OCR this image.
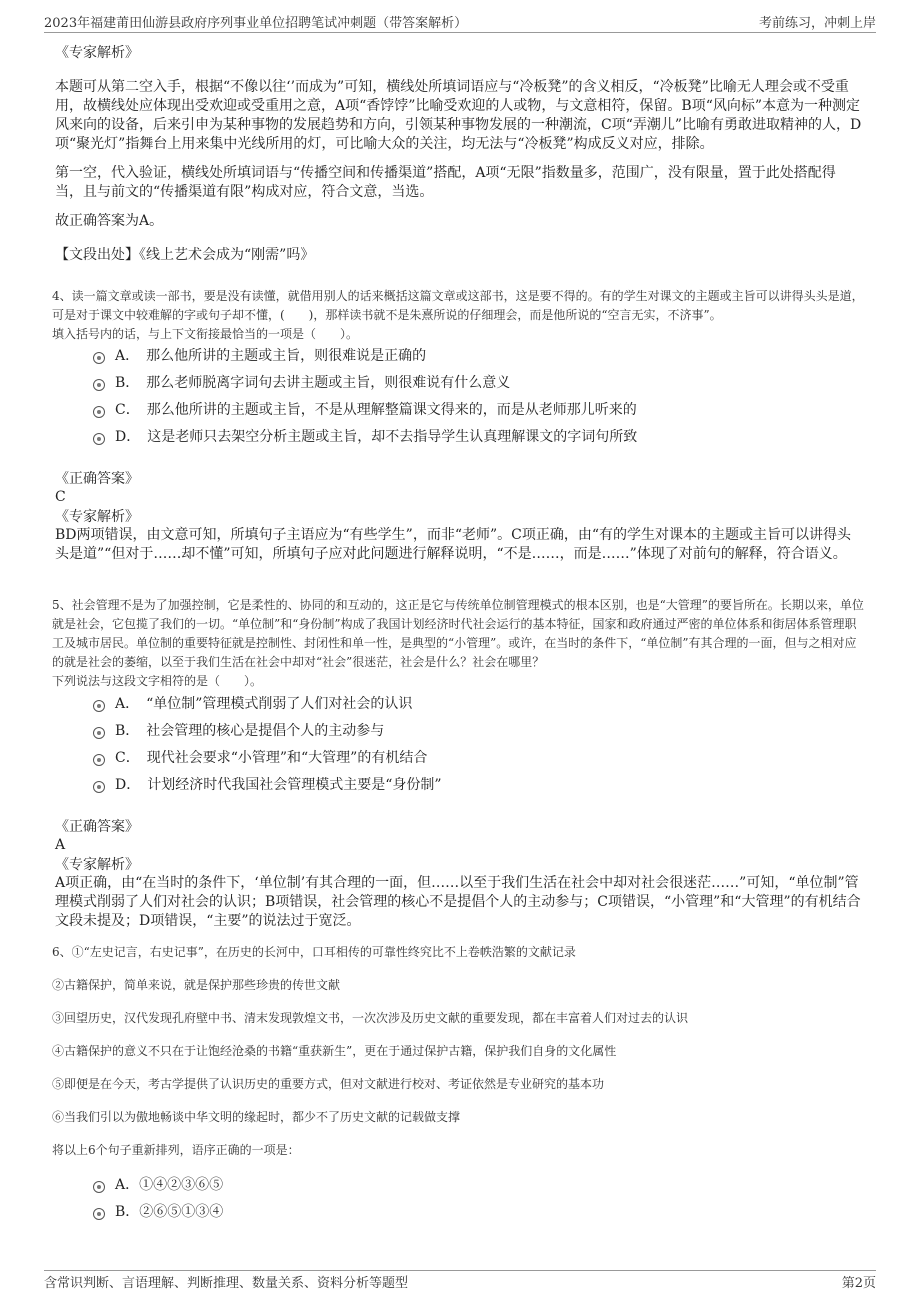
2023年福建莆田仙游县政府序列事业单位招聘笔试冲刺题（带答案解析）	考前练习，冲刺上岸

《专家解析》

本题可从第二空入手，根据“不像以往‘’而成为”可知，横线处所填词语应与“冷板凳”的含义相反，“冷板凳”比喻无人理会或不受重用，故横线处应体现出受欢迎或受重用之意，A项“香饽饽”比喻受欢迎的人或物，与文意相符，保留。B项“风向标”本意为一种测定风来向的设备，后来引申为某种事物的发展趋势和方向，引领某种事物发展的一种潮流，C项“弄潮儿”比喻有勇敢进取精神的人，D项“聚光灯”指舞台上用来集中光线所用的灯，可比喻大众的关注，均无法与“冷板凳”构成反义对应，排除。

第一空，代入验证，横线处所填词语与“传播空间和传播渠道”搭配，A项“无限”指数量多，范围广，没有限量，置于此处搭配得当，且与前文的“传播渠道有限”构成对应，符合文意，当选。

故正确答案为A。

【文段出处】《线上艺术会成为“刚需”吗》

4、读一篇文章或读一部书，要是没有读懂，就借用别人的话来概括这篇文章或这部书，这是要不得的。有的学生对课文的主题或主旨可以讲得头头是道，可是对于课文中较难解的字或句子却不懂，(　　)，那样读书就不是朱熹所说的仔细理会，而是他所说的“空言无实，不济事”。

填入括号内的话，与上下文衔接最恰当的一项是（　　）。

A．　那么他所讲的主题或主旨，则很难说是正确的
B．　那么老师脱离字词句去讲主题或主旨，则很难说有什么意义
C．　那么他所讲的主题或主旨，不是从理解整篇课文得来的，而是从老师那儿听来的
D．　这是老师只去架空分析主题或主旨，却不去指导学生认真理解课文的字词句所致

《正确答案》

C

《专家解析》

BD两项错误，由文意可知，所填句子主语应为“有些学生”，而非“老师”。C项正确，由“有的学生对课本的主题或主旨可以讲得头头是道”“但对于……却不懂”可知，所填句子应对此问题进行解释说明，“不是……，而是……”体现了对前句的解释，符合语义。

5、社会管理不是为了加强控制，它是柔性的、协同的和互动的，这正是它与传统单位制管理模式的根本区别，也是“大管理”的要旨所在。长期以来，单位就是社会，它包揽了我们的一切。“单位制”和“身份制”构成了我国计划经济时代社会运行的基本特征，国家和政府通过严密的单位体系和街居体系管理职工及城市居民。单位制的重要特征就是控制性、封闭性和单一性，是典型的“小管理”。或许，在当时的条件下，“单位制”有其合理的一面，但与之相对应的就是社会的萎缩，以至于我们生活在社会中却对“社会”很迷茫，社会是什么？社会在哪里？

下列说法与这段文字相符的是（　　）。

A．　“单位制”管理模式削弱了人们对社会的认识
B．　社会管理的核心是提倡个人的主动参与
C．　现代社会要求“小管理”和“大管理”的有机结合
D．　计划经济时代我国社会管理模式主要是“身份制”

《正确答案》

A

《专家解析》

A项正确，由“在当时的条件下，‘单位制’有其合理的一面，但……以至于我们生活在社会中却对社会很迷茫……”可知，“单位制”管理模式削弱了人们对社会的认识；B项错误，社会管理的核心不是提倡个人的主动参与；C项错误，“小管理”和“大管理”的有机结合文段未提及；D项错误，“主要”的说法过于宽泛。

6、①“左史记言，右史记事”，在历史的长河中，口耳相传的可靠性终究比不上卷帙浩繁的文献记录

②古籍保护，简单来说，就是保护那些珍贵的传世文献

③回望历史，汉代发现孔府壁中书、清末发现敦煌文书，一次次涉及历史文献的重要发现，都在丰富着人们对过去的认识

④古籍保护的意义不只在于让饱经沧桑的书籍“重获新生”，更在于通过保护古籍，保护我们自身的文化属性

⑤即便是在今天，考古学提供了认识历史的重要方式，但对文献进行校对、考证依然是专业研究的基本功

⑥当我们引以为傲地畅谈中华文明的缘起时，都少不了历史文献的记载做支撑

将以上6个句子重新排列，语序正确的一项是：

A．①④②③⑥⑤
B．②⑥⑤①③④
含常识判断、言语理解、判断推理、数量关系、资料分析等题型	第2页
